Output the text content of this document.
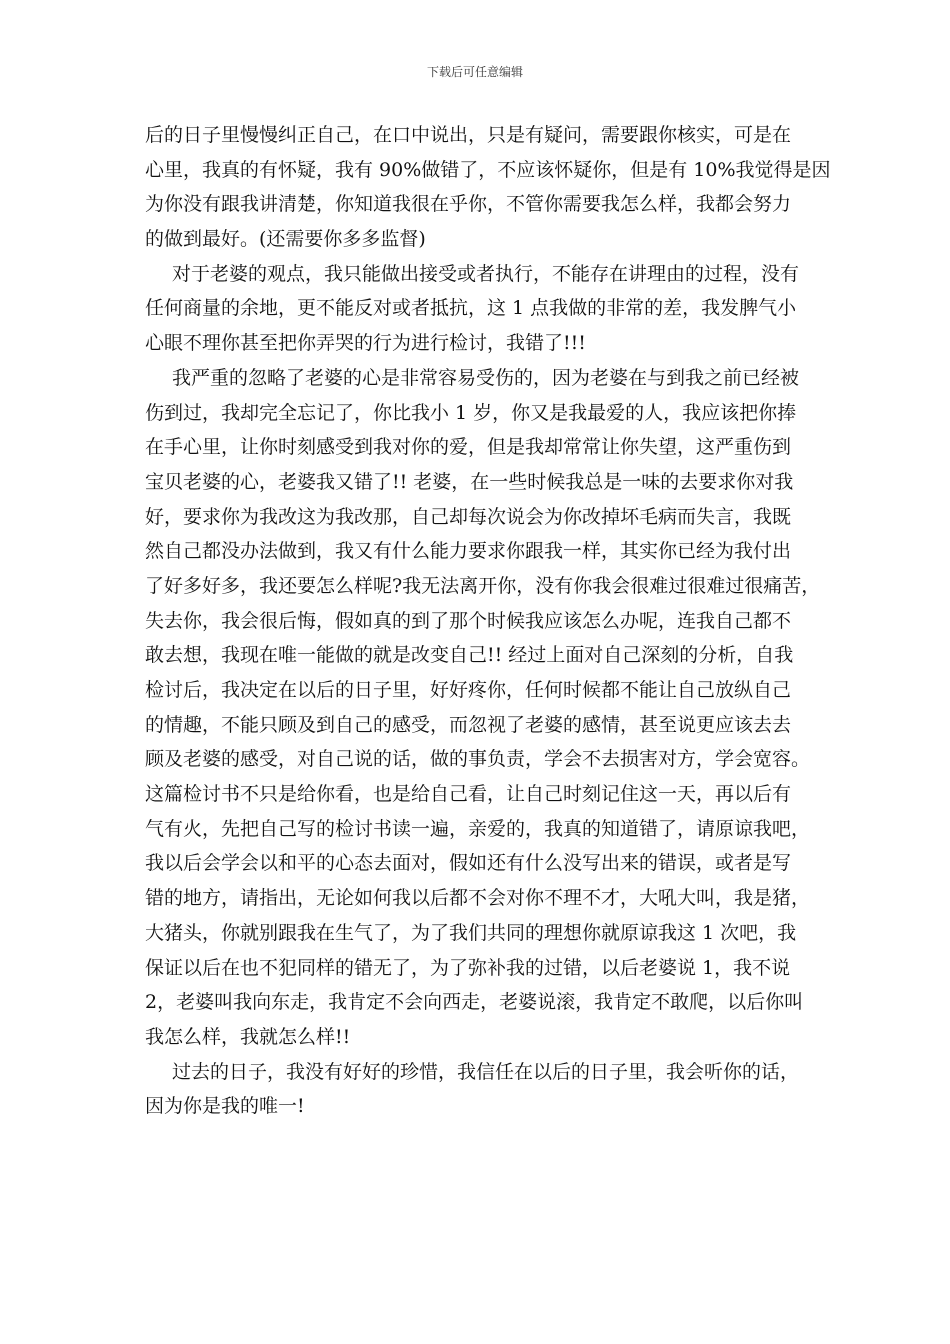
下载后可任意编辑
后的日子里慢慢纠正自己，在口中说出，只是有疑问，需要跟你核实，可是在
心里，我真的有怀疑，我有 90%做错了，不应该怀疑你，但是有 10%我觉得是因
为你没有跟我讲清楚，你知道我很在乎你，不管你需要我怎么样，我都会努力
的做到最好。(还需要你多多监督)
对于老婆的观点，我只能做出接受或者执行，不能存在讲理由的过程，没有
任何商量的余地，更不能反对或者抵抗，这 1 点我做的非常的差，我发脾气小
心眼不理你甚至把你弄哭的行为进行检讨，我错了!!!
我严重的忽略了老婆的心是非常容易受伤的，因为老婆在与到我之前已经被
伤到过，我却完全忘记了，你比我小 1 岁，你又是我最爱的人，我应该把你捧
在手心里，让你时刻感受到我对你的爱，但是我却常常让你失望，这严重伤到
宝贝老婆的心，老婆我又错了!! 老婆，在一些时候我总是一味的去要求你对我
好，要求你为我改这为我改那，自己却每次说会为你改掉坏毛病而失言，我既
然自己都没办法做到，我又有什么能力要求你跟我一样，其实你已经为我付出
了好多好多，我还要怎么样呢?我无法离开你，没有你我会很难过很难过很痛苦，
失去你，我会很后悔，假如真的到了那个时候我应该怎么办呢，连我自己都不
敢去想，我现在唯一能做的就是改变自己!! 经过上面对自己深刻的分析，自我
检讨后，我决定在以后的日子里，好好疼你，任何时候都不能让自己放纵自己
的情趣，不能只顾及到自己的感受，而忽视了老婆的感情，甚至说更应该去去
顾及老婆的感受，对自己说的话，做的事负责，学会不去损害对方，学会宽容。
这篇检讨书不只是给你看，也是给自己看，让自己时刻记住这一天，再以后有
气有火，先把自己写的检讨书读一遍，亲爱的，我真的知道错了，请原谅我吧，
我以后会学会以和平的心态去面对，假如还有什么没写出来的错误，或者是写
错的地方，请指出，无论如何我以后都不会对你不理不才，大吼大叫，我是猪，
大猪头，你就别跟我在生气了，为了我们共同的理想你就原谅我这 1 次吧，我
保证以后在也不犯同样的错无了，为了弥补我的过错，以后老婆说 1，我不说
2，老婆叫我向东走，我肯定不会向西走，老婆说滚，我肯定不敢爬，以后你叫
我怎么样，我就怎么样!!
过去的日子，我没有好好的珍惜，我信任在以后的日子里，我会听你的话，
因为你是我的唯一!
